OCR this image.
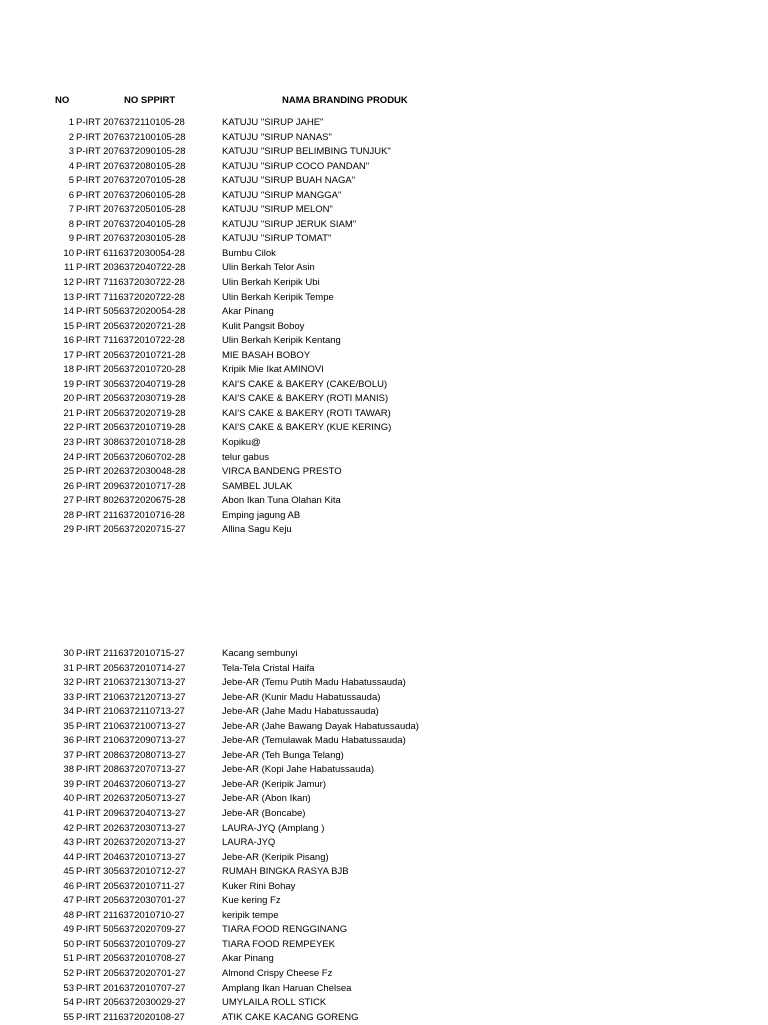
NO	NO SPPIRT	NAMA BRANDING PRODUK
1 P-IRT 2076372110105-28	KATUJU "SIRUP JAHE"
2 P-IRT 2076372100105-28	KATUJU "SIRUP NANAS"
3 P-IRT 2076372090105-28	KATUJU "SIRUP BELIMBING TUNJUK"
4 P-IRT 2076372080105-28	KATUJU "SIRUP COCO PANDAN"
5 P-IRT 2076372070105-28	KATUJU "SIRUP BUAH NAGA"
6 P-IRT 2076372060105-28	KATUJU "SIRUP MANGGA"
7 P-IRT 2076372050105-28	KATUJU "SIRUP MELON"
8 P-IRT 2076372040105-28	KATUJU "SIRUP JERUK SIAM"
9 P-IRT 2076372030105-28	KATUJU "SIRUP TOMAT"
10 P-IRT 6116372030054-28	Bumbu Cilok
11 P-IRT 2036372040722-28	Ulin Berkah Telor Asin
12 P-IRT 7116372030722-28	Ulin Berkah Keripik Ubi
13 P-IRT 7116372020722-28	Ulin Berkah Keripik Tempe
14 P-IRT 5056372020054-28	Akar Pinang
15 P-IRT 2056372020721-28	Kulit Pangsit Boboy
16 P-IRT 7116372010722-28	Ulin Berkah Keripik Kentang
17 P-IRT 2056372010721-28	MIE BASAH BOBOY
18 P-IRT 2056372010720-28	Kripik Mie Ikat AMINOVI
19 P-IRT 3056372040719-28	KAI'S CAKE & BAKERY (CAKE/BOLU)
20 P-IRT 2056372030719-28	KAI'S CAKE & BAKERY (ROTI MANIS)
21 P-IRT 2056372020719-28	KAI'S CAKE & BAKERY (ROTI TAWAR)
22 P-IRT 2056372010719-28	KAI'S CAKE & BAKERY (KUE KERING)
23 P-IRT 3086372010718-28	Kopiku@
24 P-IRT 2056372060702-28	telur gabus
25 P-IRT 2026372030048-28	VIRCA BANDENG PRESTO
26 P-IRT 2096372010717-28	SAMBEL JULAK
27 P-IRT 8026372020675-28	Abon Ikan Tuna Olahan Kita
28 P-IRT 2116372010716-28	Emping jagung AB
29 P-IRT 2056372020715-27	Allina Sagu Keju
30 P-IRT 2116372010715-27	Kacang sembunyi
31 P-IRT 2056372010714-27	Tela-Tela Cristal Haifa
32 P-IRT 2106372130713-27	Jebe-AR (Temu Putih Madu Habatussauda)
33 P-IRT 2106372120713-27	Jebe-AR (Kunir Madu Habatussauda)
34 P-IRT 2106372110713-27	Jebe-AR (Jahe Madu Habatussauda)
35 P-IRT 2106372100713-27	Jebe-AR (Jahe Bawang Dayak Habatussauda)
36 P-IRT 2106372090713-27	Jebe-AR (Temulawak Madu Habatussauda)
37 P-IRT 2086372080713-27	Jebe-AR (Teh Bunga Telang)
38 P-IRT 2086372070713-27	Jebe-AR (Kopi Jahe Habatussauda)
39 P-IRT 2046372060713-27	Jebe-AR (Keripik Jamur)
40 P-IRT 2026372050713-27	Jebe-AR (Abon Ikan)
41 P-IRT 2096372040713-27	Jebe-AR (Boncabe)
42 P-IRT 2026372030713-27	LAURA-JYQ (Amplang )
43 P-IRT 2026372020713-27	LAURA-JYQ
44 P-IRT 2046372010713-27	Jebe-AR (Keripik Pisang)
45 P-IRT 3056372010712-27	RUMAH BINGKA RASYA BJB
46 P-IRT 2056372010711-27	Kuker Rini Bohay
47 P-IRT 2056372030701-27	Kue kering Fz
48 P-IRT 2116372010710-27	keripik tempe
49 P-IRT 5056372020709-27	TIARA FOOD RENGGINANG
50 P-IRT 5056372010709-27	TIARA FOOD REMPEYEK
51 P-IRT 2056372010708-27	Akar Pinang
52 P-IRT 2056372020701-27	Almond Crispy Cheese Fz
53 P-IRT 2016372010707-27	Amplang Ikan Haruan Chelsea
54 P-IRT 2056372030029-27	UMYLAILA ROLL STICK
55 P-IRT 2116372020108-27	ATIK CAKE KACANG GORENG
